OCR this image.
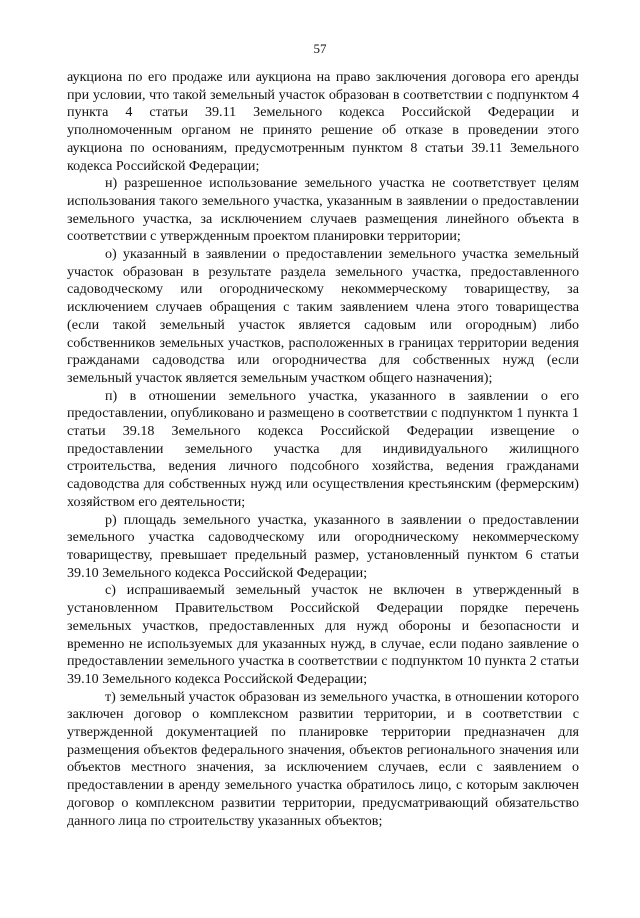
57

аукциона по его продаже или аукциона на право заключения договора его аренды при условии, что такой земельный участок образован в соответствии с подпунктом 4 пункта 4 статьи 39.11 Земельного кодекса Российской Федерации и уполномоченным органом не принято решение об отказе в проведении этого аукциона по основаниям, предусмотренным пунктом 8 статьи 39.11 Земельного кодекса Российской Федерации;

н) разрешенное использование земельного участка не соответствует целям использования такого земельного участка, указанным в заявлении о предоставлении земельного участка, за исключением случаев размещения линейного объекта в соответствии с утвержденным проектом планировки территории;

о) указанный в заявлении о предоставлении земельного участка земельный участок образован в результате раздела земельного участка, предоставленного садоводческому или огородническому некоммерческому товариществу, за исключением случаев обращения с таким заявлением члена этого товарищества (если такой земельный участок является садовым или огородным) либо собственников земельных участков, расположенных в границах территории ведения гражданами садоводства или огородничества для собственных нужд (если земельный участок является земельным участком общего назначения);

п) в отношении земельного участка, указанного в заявлении о его предоставлении, опубликовано и размещено в соответствии с подпунктом 1 пункта 1 статьи 39.18 Земельного кодекса Российской Федерации извещение о предоставлении земельного участка для индивидуального жилищного строительства, ведения личного подсобного хозяйства, ведения гражданами садоводства для собственных нужд или осуществления крестьянским (фермерским) хозяйством его деятельности;

р) площадь земельного участка, указанного в заявлении о предоставлении земельного участка садоводческому или огородническому некоммерческому товариществу, превышает предельный размер, установленный пунктом 6 статьи 39.10 Земельного кодекса Российской Федерации;

с) испрашиваемый земельный участок не включен в утвержденный в установленном Правительством Российской Федерации порядке перечень земельных участков, предоставленных для нужд обороны и безопасности и временно не используемых для указанных нужд, в случае, если подано заявление о предоставлении земельного участка в соответствии с подпунктом 10 пункта 2 статьи 39.10 Земельного кодекса Российской Федерации;

т) земельный участок образован из земельного участка, в отношении которого заключен договор о комплексном развитии территории, и в соответствии с утвержденной документацией по планировке территории предназначен для размещения объектов федерального значения, объектов регионального значения или объектов местного значения, за исключением случаев, если с заявлением о предоставлении в аренду земельного участка обратилось лицо, с которым заключен договор о комплексном развитии территории, предусматривающий обязательство данного лица по строительству указанных объектов;
